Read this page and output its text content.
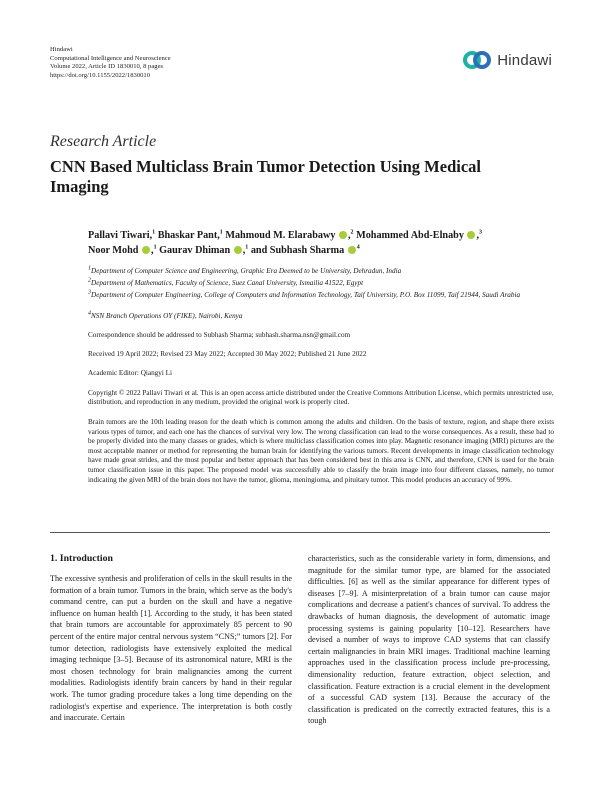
Hindawi
Computational Intelligence and Neuroscience
Volume 2022, Article ID 1830010, 8 pages
https://doi.org/10.1155/2022/1830010
Hindawi
Research Article
CNN Based Multiclass Brain Tumor Detection Using Medical Imaging
Pallavi Tiwari,$^1$ Bhaskar Pant,$^1$ Mahmoud M. Elarabawy ,$^2$ Mohammed Abd-Elnaby ,$^3$
Noor Mohd ,$^1$ Gaurav Dhiman ,$^1$ and Subhash Sharma $^4$
$^1$Department of Computer Science and Engineering, Graphic Era Deemed to be University, Dehradun, India
$^2$Department of Mathematics, Faculty of Science, Suez Canal University, Ismailia 41522, Egypt
$^3$Department of Computer Engineering, College of Computers and Information Technology, Taif University, P.O. Box 11099, Taif 21944, Saudi Arabia
$^4$NSN Branch Operations OY (FIKE), Nairobi, Kenya
Correspondence should be addressed to Subhash Sharma; subhash.sharma.nsn@gmail.com
Received 19 April 2022; Revised 23 May 2022; Accepted 30 May 2022; Published 21 June 2022
Academic Editor: Qiangyi Li
Copyright © 2022 Pallavi Tiwari et al. This is an open access article distributed under the Creative Commons Attribution License, which permits unrestricted use, distribution, and reproduction in any medium, provided the original work is properly cited.
Brain tumors are the 10th leading reason for the death which is common among the adults and children. On the basis of texture, region, and shape there exists various types of tumor, and each one has the chances of survival very low. The wrong classification can lead to the worse consequences. As a result, these had to be properly divided into the many classes or grades, which is where multiclass classification comes into play. Magnetic resonance imaging (MRI) pictures are the most acceptable manner or method for representing the human brain for identifying the various tumors. Recent developments in image classification technology have made great strides, and the most popular and better approach that has been considered best in this area is CNN, and therefore, CNN is used for the brain tumor classification issue in this paper. The proposed model was successfully able to classify the brain image into four different classes, namely, no tumor indicating the given MRI of the brain does not have the tumor, glioma, meningioma, and pituitary tumor. This model produces an accuracy of 99%.
1. Introduction

The excessive synthesis and proliferation of cells in the skull results in the formation of a brain tumor. Tumors in the brain, which serve as the body's command centre, can put a burden on the skull and have a negative influence on human health [1]. According to the study, it has been stated that brain tumors are accountable for approximately 85 percent to 90 percent of the entire major central nervous system “CNS;” tumors [2]. For tumor detection, radiologists have extensively exploited the medical imaging technique [3–5]. Because of its astronomical nature, MRI is the most chosen technology for brain malignancies among the current modalities. Radiologists identify brain cancers by hand in their regular work. The tumor grading procedure takes a long time depending on the radiologist's expertise and experience. The interpretation is both costly and inaccurate. Certain

characteristics, such as the considerable variety in form, dimensions, and magnitude for the similar tumor type, are blamed for the associated difficulties. [6] as well as the similar appearance for different types of diseases [7–9]. A misinterpretation of a brain tumor can cause major complications and decrease a patient's chances of survival. To address the drawbacks of human diagnosis, the development of automatic image processing systems is gaining popularity [10–12]. Researchers have devised a number of ways to improve CAD systems that can classify certain malignancies in brain MRI images. Traditional machine learning approaches used in the classification process include pre-processing, dimensionality reduction, feature extraction, object selection, and classification. Feature extraction is a crucial element in the development of a successful CAD system [13]. Because the accuracy of the classification is predicated on the correctly extracted features, this is a tough
